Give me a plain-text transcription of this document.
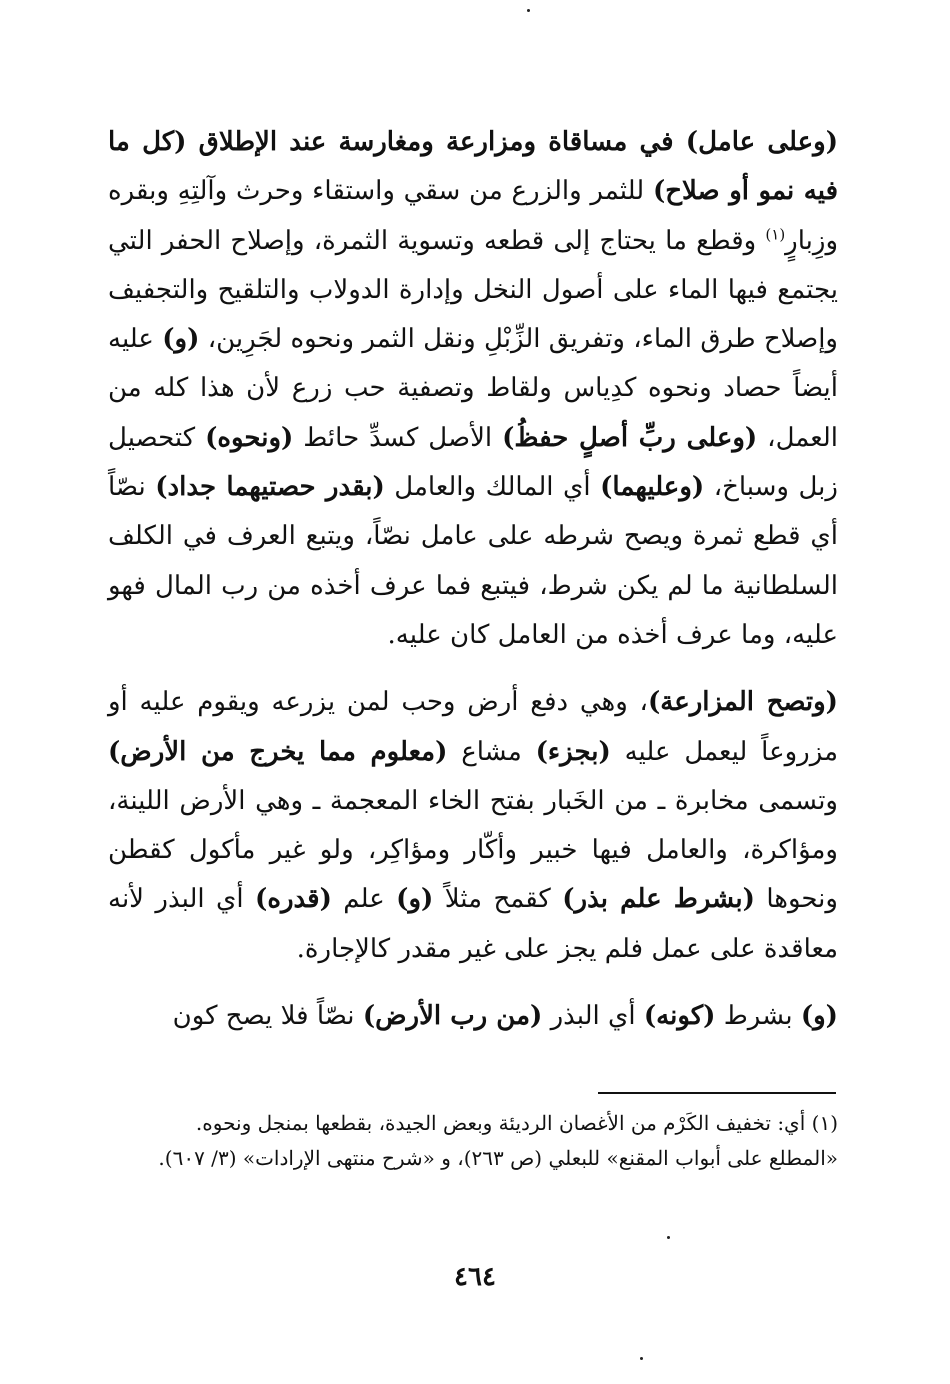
(وعلى عامل) في مساقاة ومزارعة ومغارسة عند الإطلاق (كل ما فيه نمو أو صلاح) للثمر والزرع من سقي واستقاء وحرث وآلتِهِ وبقره وزِبارٍ$^{(١)}$ وقطع ما يحتاج إلى قطعه وتسوية الثمرة، وإصلاح الحفر التي يجتمع فيها الماء على أصول النخل وإدارة الدولاب والتلقيح والتجفيف وإصلاح طرق الماء، وتفريق الزِّبْلِ ونقل الثمر ونحوه لجَرِين، (و) عليه أيضاً حصاد ونحوه كدِياس ولقاط وتصفية حب زرع لأن هذا كله من العمل، (وعلى ربِّ أصلٍ حفظُ) الأصل كسدِّ حائط (ونحوه) كتحصيل زبل وسباخ، (وعليهما) أي المالك والعامل (بقدر حصتيهما جداد) نصّاً أي قطع ثمرة ويصح شرطه على عامل نصّاً، ويتبع العرف في الكلف السلطانية ما لم يكن شرط، فيتبع فما عرف أخذه من رب المال فهو عليه، وما عرف أخذه من العامل كان عليه.

(وتصح المزارعة)، وهي دفع أرض وحب لمن يزرعه ويقوم عليه أو مزروعاً ليعمل عليه (بجزء) مشاع (معلوم مما يخرج من الأرض) وتسمى مخابرة ـ من الخَبار بفتح الخاء المعجمة ـ وهي الأرض اللينة، ومؤاكرة، والعامل فيها خبير وأكّار ومؤاكِر، ولو غير مأكول كقطن ونحوها (بشرط علم بذر) كقمح مثلاً (و) علم (قدره) أي البذر لأنه معاقدة على عمل فلم يجز على غير مقدر كالإجارة.

(و) بشرط (كونه) أي البذر (من رب الأرض) نصّاً فلا يصح كون

(١) أي: تخفيف الكَرْم من الأغصان الرديئة وبعض الجيدة، بقطعها بمنجل ونحوه.

«المطلع على أبواب المقنع» للبعلي (ص ٢٦٣)، و «شرح منتهى الإرادات» (٣/ ٦٠٧).

٤٦٤
